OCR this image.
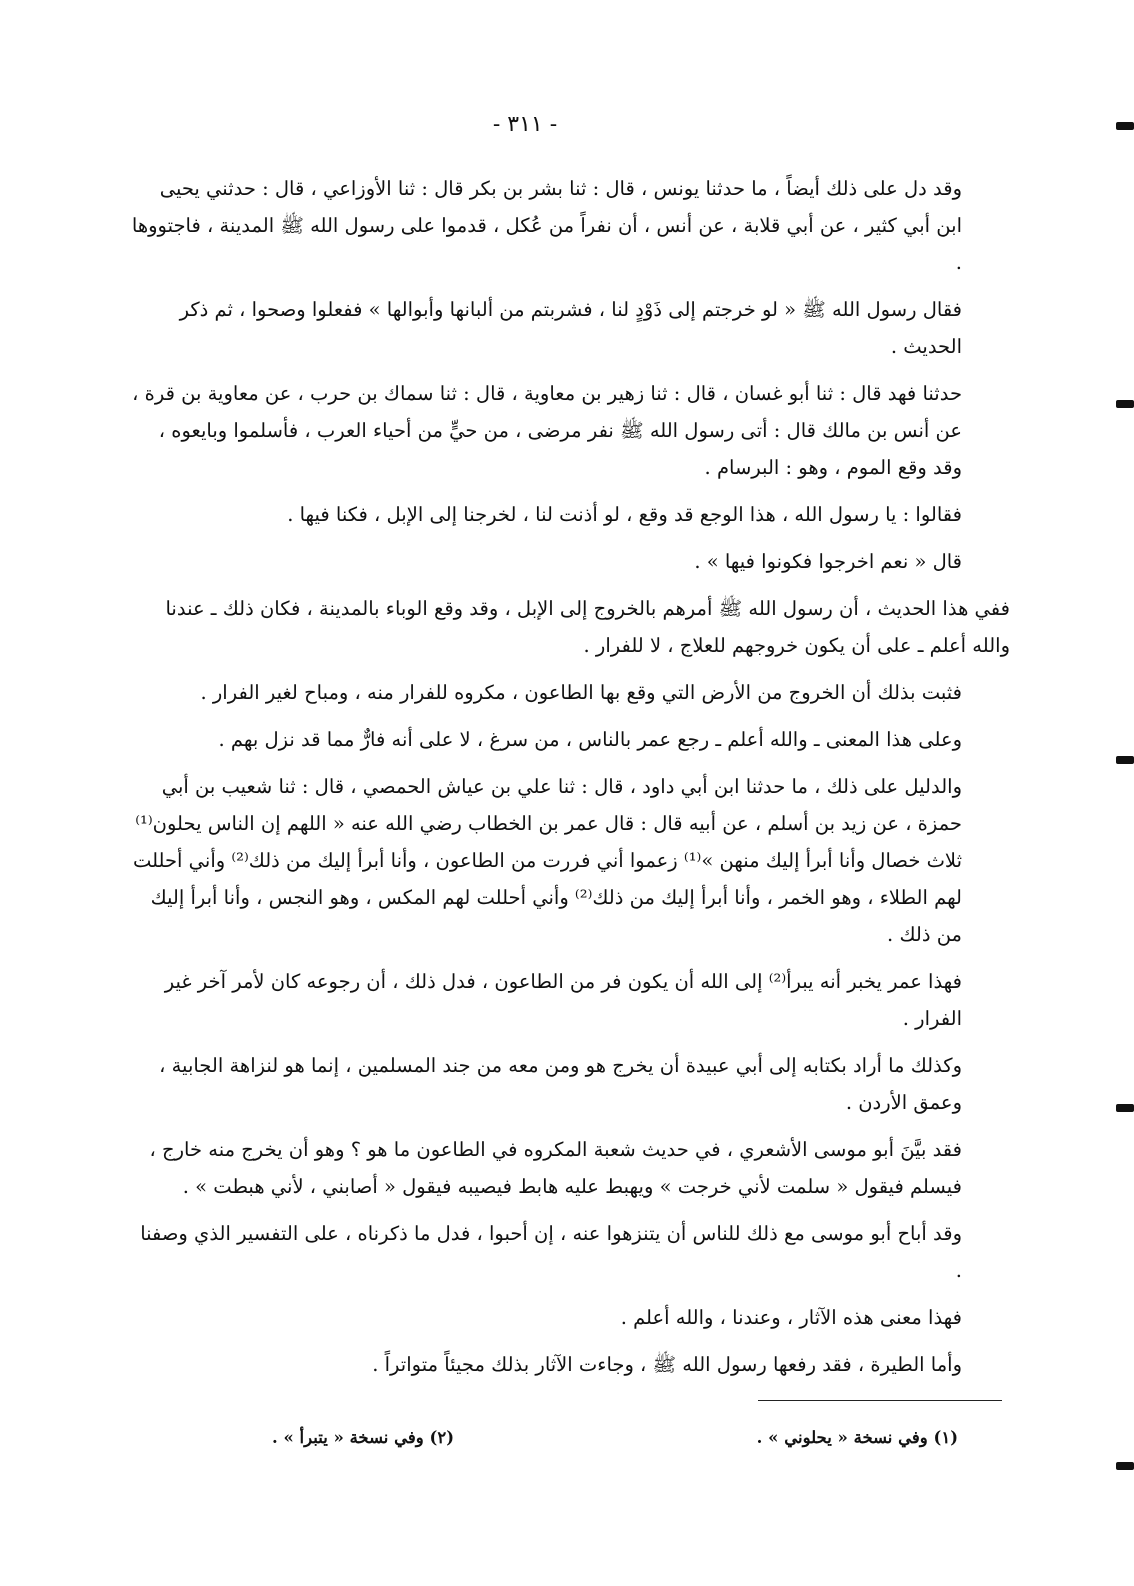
- ٣١١ -

وقد دل على ذلك أيضاً ، ما حدثنا يونس ، قال : ثنا بشر بن بكر قال : ثنا الأوزاعي ، قال : حدثني يحيى ابن أبي كثير ، عن أبي قلابة ، عن أنس ، أن نفراً من عُكل ، قدموا على رسول الله ﷺ المدينة ، فاجتووها .

فقال رسول الله ﷺ « لو خرجتم إلى ذَوْدٍ لنا ، فشربتم من ألبانها وأبوالها » ففعلوا وصحوا ، ثم ذكر الحديث .

حدثنا فهد قال : ثنا أبو غسان ، قال : ثنا زهير بن معاوية ، قال : ثنا سماك بن حرب ، عن معاوية بن قرة ، عن أنس بن مالك قال : أتى رسول الله ﷺ نفر مرضى ، من حيٍّ من أحياء العرب ، فأسلموا وبايعوه ، وقد وقع الموم ، وهو : البرسام .

فقالوا : يا رسول الله ، هذا الوجع قد وقع ، لو أذنت لنا ، لخرجنا إلى الإبل ، فكنا فيها .

قال « نعم اخرجوا فكونوا فيها » .

ففي هذا الحديث ، أن رسول الله ﷺ أمرهم بالخروج إلى الإبل ، وقد وقع الوباء بالمدينة ، فكان ذلك ـ عندنا والله أعلم ـ على أن يكون خروجهم للعلاج ، لا للفرار .

فثبت بذلك أن الخروج من الأرض التي وقع بها الطاعون ، مكروه للفرار منه ، ومباح لغير الفرار .

وعلى هذا المعنى ـ والله أعلم ـ رجع عمر بالناس ، من سرغ ، لا على أنه فارٌّ مما قد نزل بهم .

والدليل على ذلك ، ما حدثنا ابن أبي داود ، قال : ثنا علي بن عياش الحمصي ، قال : ثنا شعيب بن أبي حمزة ، عن زيد بن أسلم ، عن أبيه قال : قال عمر بن الخطاب رضي الله عنه « اللهم إن الناس يحلون⁽¹⁾ ثلاث خصال وأنا أبرأ إليك منهن »⁽¹⁾ زعموا أني فررت من الطاعون ، وأنا أبرأ إليك من ذلك⁽²⁾ وأني أحللت لهم الطلاء ، وهو الخمر ، وأنا أبرأ إليك من ذلك⁽²⁾ وأني أحللت لهم المكس ، وهو النجس ، وأنا أبرأ إليك من ذلك .

فهذا عمر يخبر أنه يبرأ⁽²⁾ إلى الله أن يكون فر من الطاعون ، فدل ذلك ، أن رجوعه كان لأمر آخر غير الفرار .

وكذلك ما أراد بكتابه إلى أبي عبيدة أن يخرج هو ومن معه من جند المسلمين ، إنما هو لنزاهة الجابية ، وعمق الأردن .

فقد بيَّنَ أبو موسى الأشعري ، في حديث شعبة المكروه في الطاعون ما هو ؟ وهو أن يخرج منه خارج ، فيسلم فيقول « سلمت لأني خرجت » ويهبط عليه هابط فيصيبه فيقول « أصابني ، لأني هبطت » .

وقد أباح أبو موسى مع ذلك للناس أن يتنزهوا عنه ، إن أحبوا ، فدل ما ذكرناه ، على التفسير الذي وصفنا .

فهذا معنى هذه الآثار ، وعندنا ، والله أعلم .

وأما الطيرة ، فقد رفعها رسول الله ﷺ ، وجاءت الآثار بذلك مجيئاً متواتراً .

(١) وفي نسخة « يحلوني » .
(٢) وفي نسخة « يتبرأ » .
